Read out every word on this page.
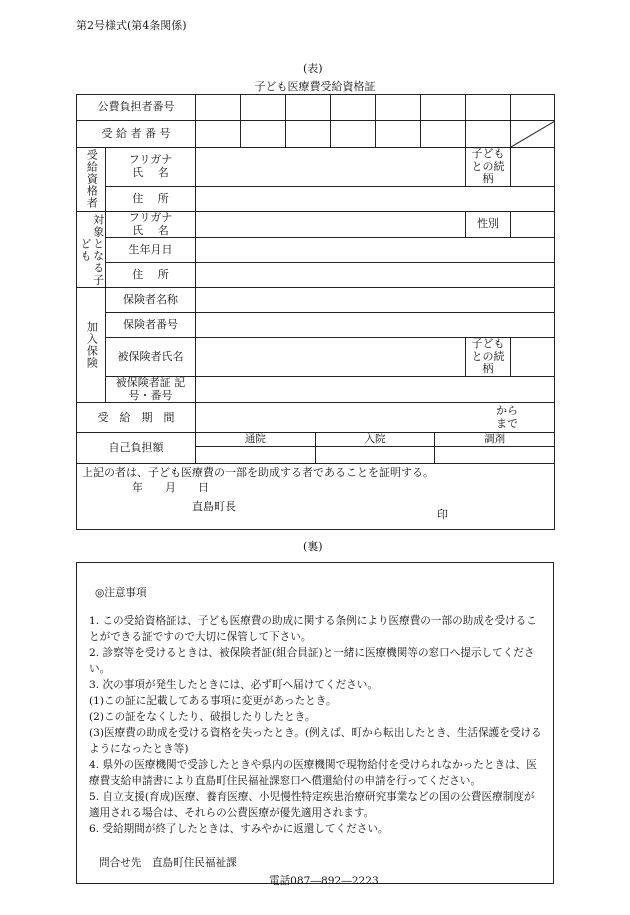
第2号様式(第4条関係)
(表)
子ども医療費受給資格証
公費負担者番号									
受 給 者 番 号								

受給資格者	フリガナ
氏　 名							子ども との続柄	
	住　 所								
対象となる子ども	フリガナ
氏　 名							性別	
	生年月日								
	住　 所								
加入保険	保険者名称								
	保険者番号								
	被保険者氏名							子ども との続柄	
	被保険者証 記号・番号								
受　給　期　間		から
まで							
自己負担額		通院 入院 調剤							

上記の者は、子ども医療費の一部を助成する者であることを証明する。
年　　月　　日
直島町長
印									
(裏)
◎注意事項

1. この受給資格証は、子ども医療費の助成に関する条例により医療費の一部の助成を受けることができる証ですので大切に保管して下さい。

2. 診察等を受けるときは、被保険者証(組合員証)と一緒に医療機関等の窓口へ提示してください。

3. 次の事項が発生したときには、必ず町へ届けてください。

(1)この証に記載してある事項に変更があったとき。

(2)この証をなくしたり、破損したりしたとき。

(3)医療費の助成を受ける資格を失ったとき。(例えば、町から転出したとき、生活保護を受けるようになったとき等)

4. 県外の医療機関で受診したときや県内の医療機関で現物給付を受けられなかったときは、医療費支給申請書により直島町住民福祉課窓口へ償還給付の申請を行ってください。

5. 自立支援(育成)医療、養育医療、小児慢性特定疾患治療研究事業などの国の公費医療制度が適用される場合は、それらの公費医療が優先適用されます。

6. 受給期間が終了したときは、すみやかに返還してください。

問合せ先　直島町住民福祉課
電話087―892―2223
